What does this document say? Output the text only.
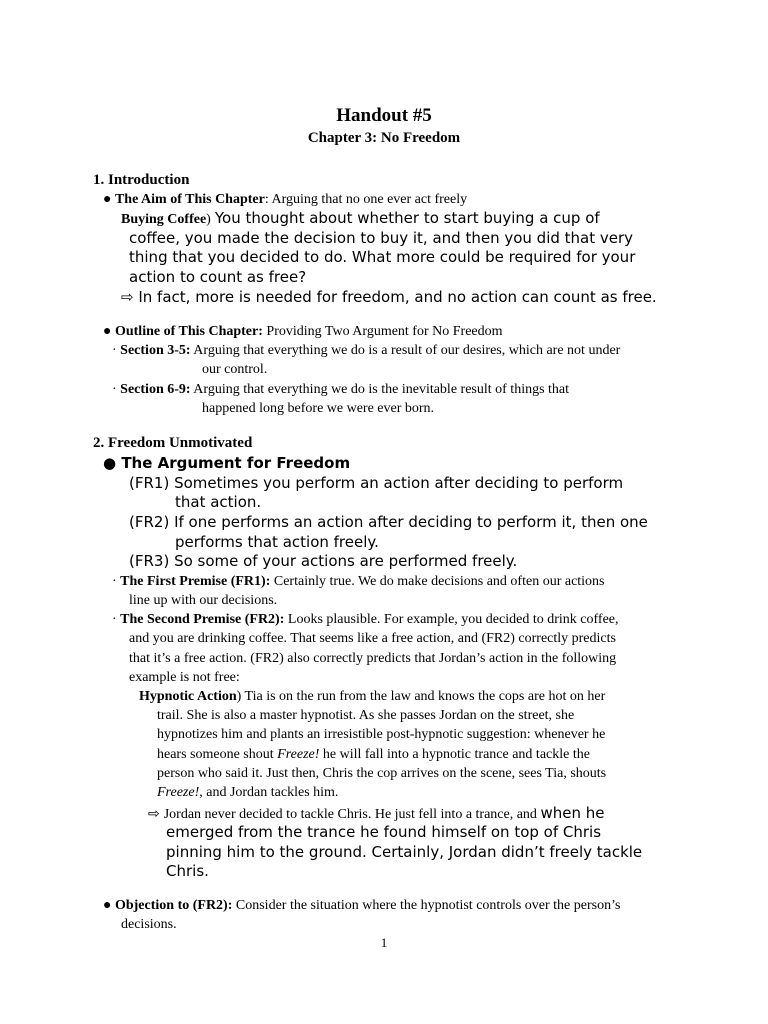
Handout #5
Chapter 3: No Freedom
1. Introduction
● The Aim of This Chapter: Arguing that no one ever act freely
Buying Coffee) You thought about whether to start buying a cup of
coffee, you made the decision to buy it, and then you did that very
thing that you decided to do. What more could be required for your
action to count as free?
⇨ In fact, more is needed for freedom, and no action can count as free.
● Outline of This Chapter: Providing Two Argument for No Freedom
· Section 3-5: Arguing that everything we do is a result of our desires, which are not under
our control.
· Section 6-9: Arguing that everything we do is the inevitable result of things that
happened long before we were ever born.
2. Freedom Unmotivated
● The Argument for Freedom
(FR1) Sometimes you perform an action after deciding to perform
that action.
(FR2) If one performs an action after deciding to perform it, then one
performs that action freely.
(FR3) So some of your actions are performed freely.
· The First Premise (FR1): Certainly true. We do make decisions and often our actions
line up with our decisions.
· The Second Premise (FR2): Looks plausible. For example, you decided to drink coffee,
and you are drinking coffee. That seems like a free action, and (FR2) correctly predicts
that it’s a free action. (FR2) also correctly predicts that Jordan’s action in the following
example is not free:
Hypnotic Action) Tia is on the run from the law and knows the cops are hot on her
trail. She is also a master hypnotist. As she passes Jordan on the street, she
hypnotizes him and plants an irresistible post-hypnotic suggestion: whenever he
hears someone shout Freeze! he will fall into a hypnotic trance and tackle the
person who said it. Just then, Chris the cop arrives on the scene, sees Tia, shouts
Freeze!, and Jordan tackles him.
⇨ Jordan never decided to tackle Chris. He just fell into a trance, and when he
emerged from the trance he found himself on top of Chris
pinning him to the ground. Certainly, Jordan didn’t freely tackle
Chris.
● Objection to (FR2): Consider the situation where the hypnotist controls over the person’s
decisions.
1
